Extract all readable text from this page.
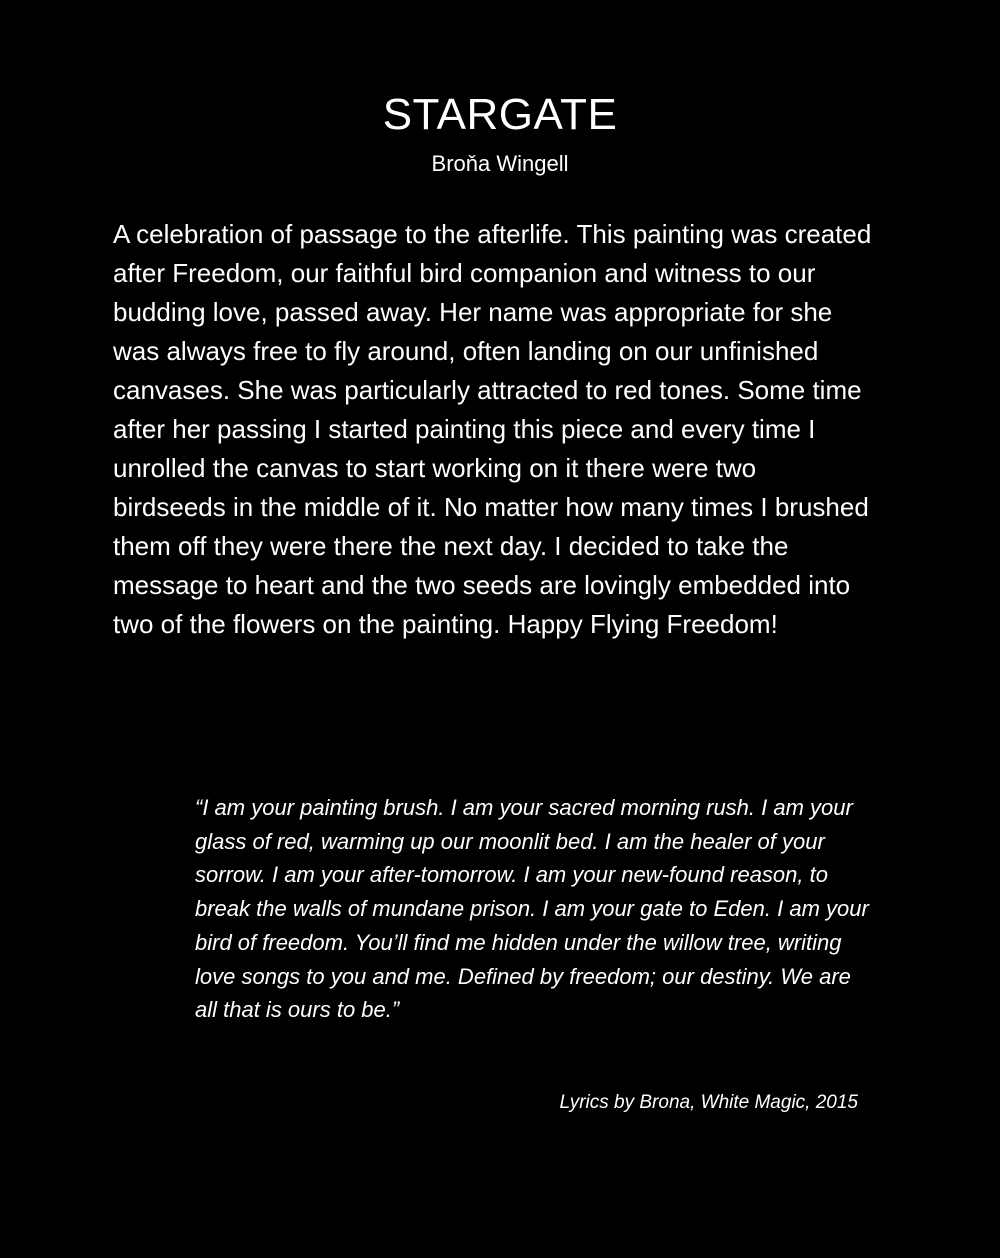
STARGATE
Broňa Wingell

A celebration of passage to the afterlife. This painting was created after Freedom, our faithful bird companion and witness to our budding love, passed away. Her name was appropriate for she was always free to fly around, often landing on our unfinished canvases. She was particularly attracted to red tones. Some time after her passing I started painting this piece and every time I unrolled the canvas to start working on it there were two birdseeds in the middle of it. No matter how many times I brushed them off they were there the next day. I decided to take the message to heart and the two seeds are lovingly embedded into two of the flowers on the painting. Happy Flying Freedom!

“I am your painting brush. I am your sacred morning rush. I am your glass of red, warming up our moonlit bed. I am the healer of your sorrow. I am your after-tomorrow. I am your new-found reason, to break the walls of mundane prison. I am your gate to Eden. I am your bird of freedom. You’ll find me hidden under the willow tree, writing love songs to you and me. Defined by freedom; our destiny. We are all that is ours to be.”

Lyrics by Brona, White Magic, 2015
